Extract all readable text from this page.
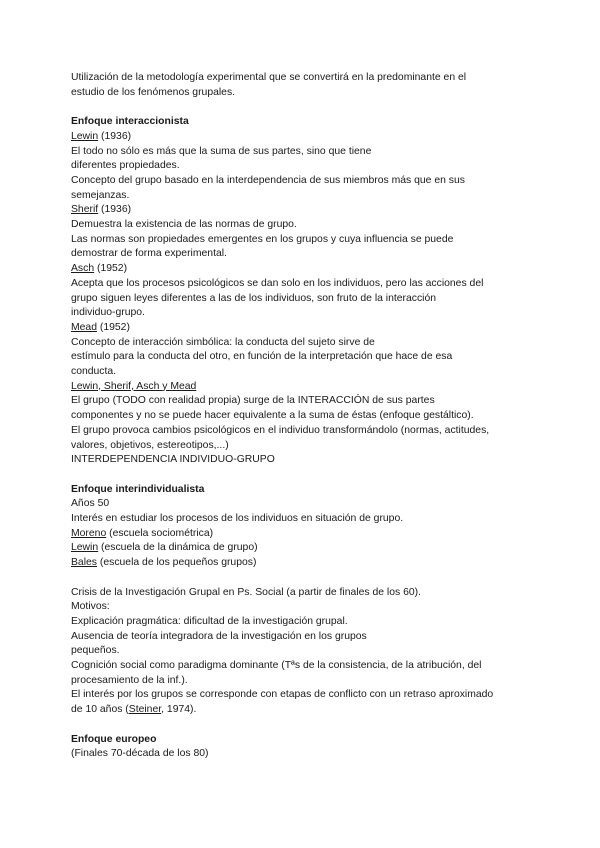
Utilización de la metodología experimental que se convertirá en la predominante en el
estudio de los fenómenos grupales.
Enfoque interaccionista
Lewin (1936)
El todo no sólo es más que la suma de sus partes, sino que tiene
diferentes propiedades.
Concepto del grupo basado en la interdependencia de sus miembros más que en sus
semejanzas.
Sherif (1936)
Demuestra la existencia de las normas de grupo.
Las normas son propiedades emergentes en los grupos y cuya influencia se puede
demostrar de forma experimental.
Asch (1952)
Acepta que los procesos psicológicos se dan solo en los individuos, pero las acciones del
grupo siguen leyes diferentes a las de los individuos, son fruto de la interacción
individuo-grupo.
Mead (1952)
Concepto de interacción simbólica: la conducta del sujeto sirve de
estímulo para la conducta del otro, en función de la interpretación que hace de esa
conducta.
Lewin, Sherif, Asch y Mead
El grupo (TODO con realidad propia) surge de la INTERACCIÓN de sus partes
componentes y no se puede hacer equivalente a la suma de éstas (enfoque gestáltico).
El grupo provoca cambios psicológicos en el individuo transformándolo (normas, actitudes,
valores, objetivos, estereotipos,...)
INTERDEPENDENCIA INDIVIDUO-GRUPO
Enfoque interindividualista
Años 50
Interés en estudiar los procesos de los individuos en situación de grupo.
Moreno (escuela sociométrica)
Lewin (escuela de la dinámica de grupo)
Bales (escuela de los pequeños grupos)
Crisis de la Investigación Grupal en Ps. Social (a partir de finales de los 60).
Motivos:
Explicación pragmática: dificultad de la investigación grupal.
Ausencia de teoría integradora de la investigación en los grupos
pequeños.
Cognición social como paradigma dominante (Tªs de la consistencia, de la atribución, del
procesamiento de la inf.).
El interés por los grupos se corresponde con etapas de conflicto con un retraso aproximado
de 10 años (Steiner, 1974).
Enfoque europeo
(Finales 70-década de los 80)
